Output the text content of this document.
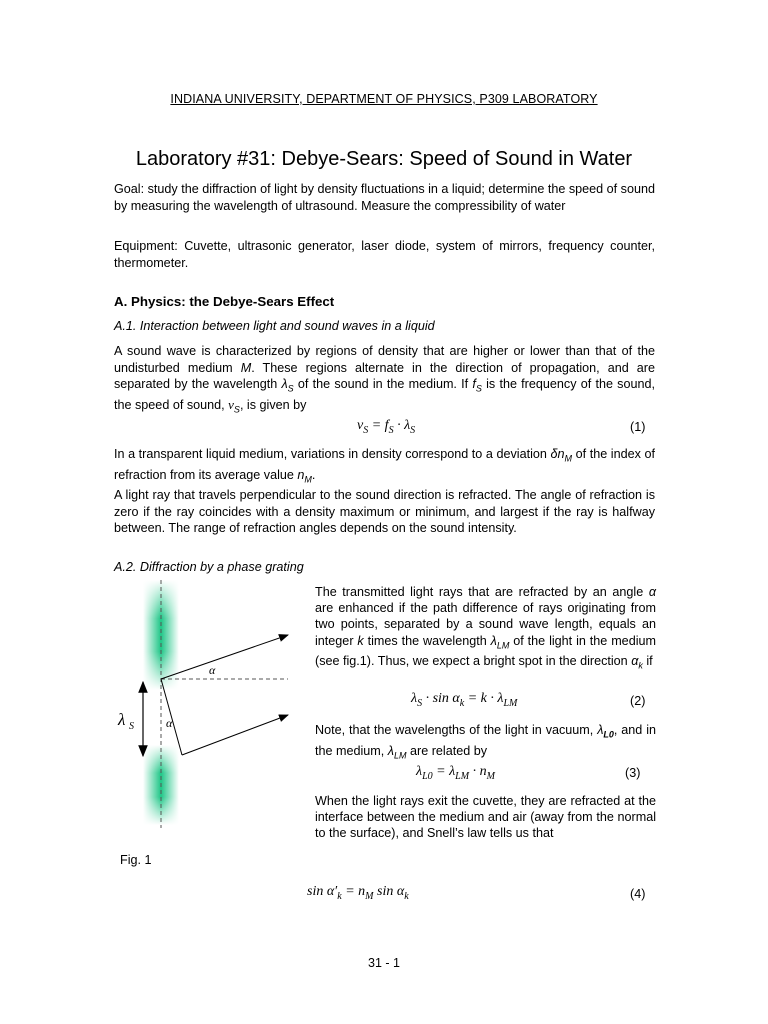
INDIANA UNIVERSITY, DEPARTMENT OF PHYSICS, P309 LABORATORY
Laboratory #31: Debye-Sears: Speed of Sound in Water
Goal: study the diffraction of light by density fluctuations in a liquid; determine the speed of sound by measuring the wavelength of ultrasound. Measure the compressibility of water
Equipment: Cuvette, ultrasonic generator, laser diode, system of mirrors, frequency counter, thermometer.
A. Physics: the Debye-Sears Effect
A.1. Interaction between light and sound waves in a liquid
A sound wave is characterized by regions of density that are higher or lower than that of the undisturbed medium M. These regions alternate in the direction of propagation, and are separated by the wavelength $\lambda_S$ of the sound in the medium. If $f_S$ is the frequency of the sound, the speed of sound, $v_S$, is given by
$v_S = f_S \cdot \lambda_S$	(1)
In a transparent liquid medium, variations in density correspond to a deviation $\delta n_M$ of the index of refraction from its average value $n_M$.
A light ray that travels perpendicular to the sound direction is refracted. The angle of refraction is zero if the ray coincides with a density maximum or minimum, and largest if the ray is halfway between. The range of refraction angles depends on the sound intensity.
A.2. Diffraction by a phase grating
α
α
λ S
Fig. 1
The transmitted light rays that are refracted by an angle α are enhanced if the path difference of rays originating from two points, separated by a sound wave length, equals an integer k times the wavelength $\lambda_{LM}$ of the light in the medium (see fig.1). Thus, we expect a bright spot in the direction $\alpha_k$ if
$\lambda_S \cdot \sin \alpha_k = k \cdot \lambda_{LM}$	(2)
Note, that the wavelengths of the light in vacuum, $\lambda_{L0}$, and in the medium, $\lambda_{LM}$ are related by
$\lambda_{L0} = \lambda_{LM} \cdot n_M$	(3)
When the light rays exit the cuvette, they are refracted at the interface between the medium and air (away from the normal to the surface), and Snell’s law tells us that
$\sin \alpha'_k = n_M$ $\sin \alpha_k$	(4)
31 - 1
